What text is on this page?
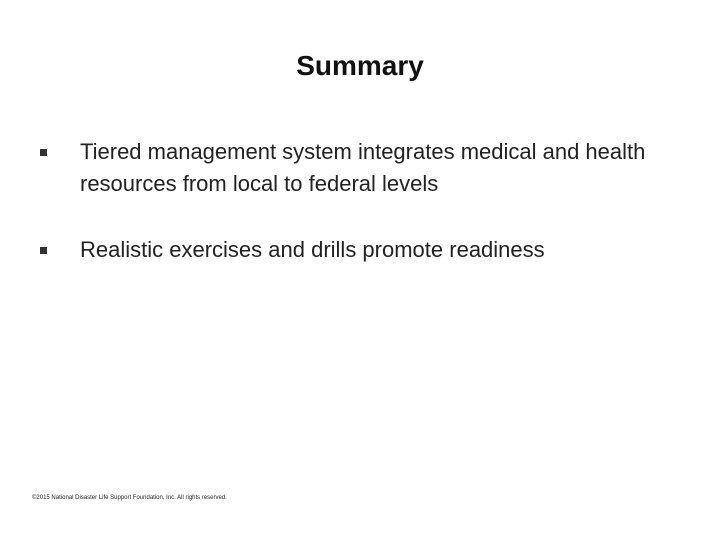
Summary
Tiered management system integrates medical and health resources from local to federal levels
Realistic exercises and drills promote readiness
©2015 National Disaster Life Support Foundation, Inc. All rights reserved.
